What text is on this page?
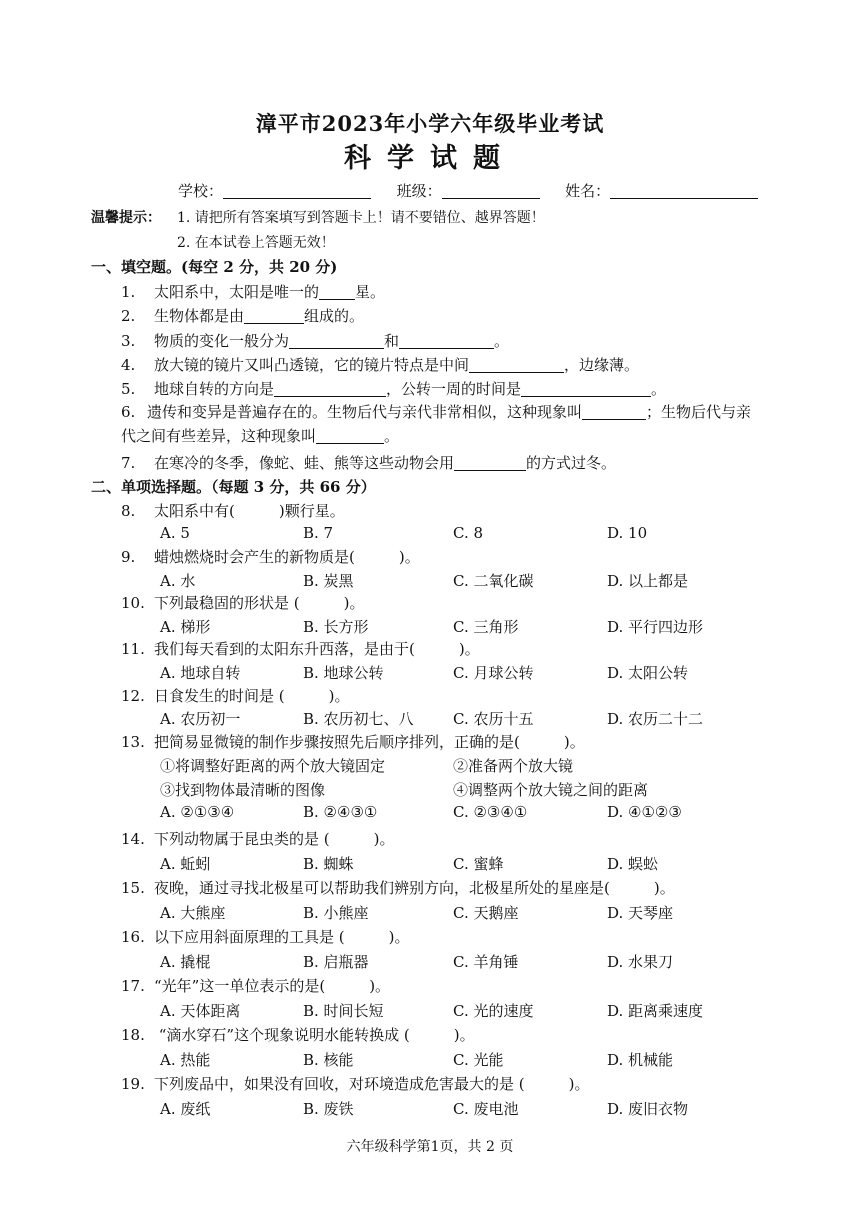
漳平市2023年小学六年级毕业考试
科学试题
学校：	班级：	姓名：
温馨提示： 1. 请把所有答案填写到答题卡上！请不要错位、越界答题！
2. 在本试卷上答题无效！
一、填空题。(每空 2 分，共 20 分)
1. 太阳系中，太阳是唯一的 星。
2. 生物体都是由	组成的。
3. 物质的变化一般分为	和	。
4. 放大镜的镜片又叫凸透镜，它的镜片特点是中间	，边缘薄。
5. 地球自转的方向是	，公转一周的时间是	。
6. 遗传和变异是普遍存在的。生物后代与亲代非常相似，这种现象叫	；生物后代与亲代之间有些差异，这种现象叫	。
7. 在寒冷的冬季，像蛇、蛙、熊等这些动物会用	的方式过冬。
二、单项选择题。（每题 3 分，共 66 分）
8. 太阳系中有(	)颗行星。
A. 5	B. 7	C. 8	D. 10
9. 蜡烛燃烧时会产生的新物质是(	)。
A. 水	B. 炭黑	C. 二氧化碳	D. 以上都是
10. 下列最稳固的形状是 (	)。
A. 梯形	B. 长方形	C. 三角形	D. 平行四边形
11. 我们每天看到的太阳东升西落，是由于(	)。
A. 地球自转	B. 地球公转	C. 月球公转	D. 太阳公转
12. 日食发生的时间是 (	)。
A. 农历初一	B. 农历初七、八	C. 农历十五	D. 农历二十二
13. 把简易显微镜的制作步骤按照先后顺序排列，正确的是(	)。
①将调整好距离的两个放大镜固定	②准备两个放大镜
③找到物体最清晰的图像	④调整两个放大镜之间的距离
A. ②①③④	B. ②④③①	C. ②③④①	D. ④①②③
14. 下列动物属于昆虫类的是 (	)。
A. 蚯蚓	B. 蜘蛛	C. 蜜蜂	D. 蜈蚣
15. 夜晚，通过寻找北极星可以帮助我们辨别方向，北极星所处的星座是(	)。
A. 大熊座	B. 小熊座	C. 天鹅座	D. 天琴座
16. 以下应用斜面原理的工具是 (	)。
A. 撬棍	B. 启瓶器	C. 羊角锤	D. 水果刀
17. “光年”这一单位表示的是(	)。
A. 天体距离	B. 时间长短	C. 光的速度	D. 距离乘速度
18. “滴水穿石”这个现象说明水能转换成 (	)。
A. 热能	B. 核能	C. 光能	D. 机械能
19. 下列废品中，如果没有回收，对环境造成危害最大的是 (	)。
A. 废纸	B. 废铁	C. 废电池	D. 废旧衣物
六年级科学第1页，共 2 页
